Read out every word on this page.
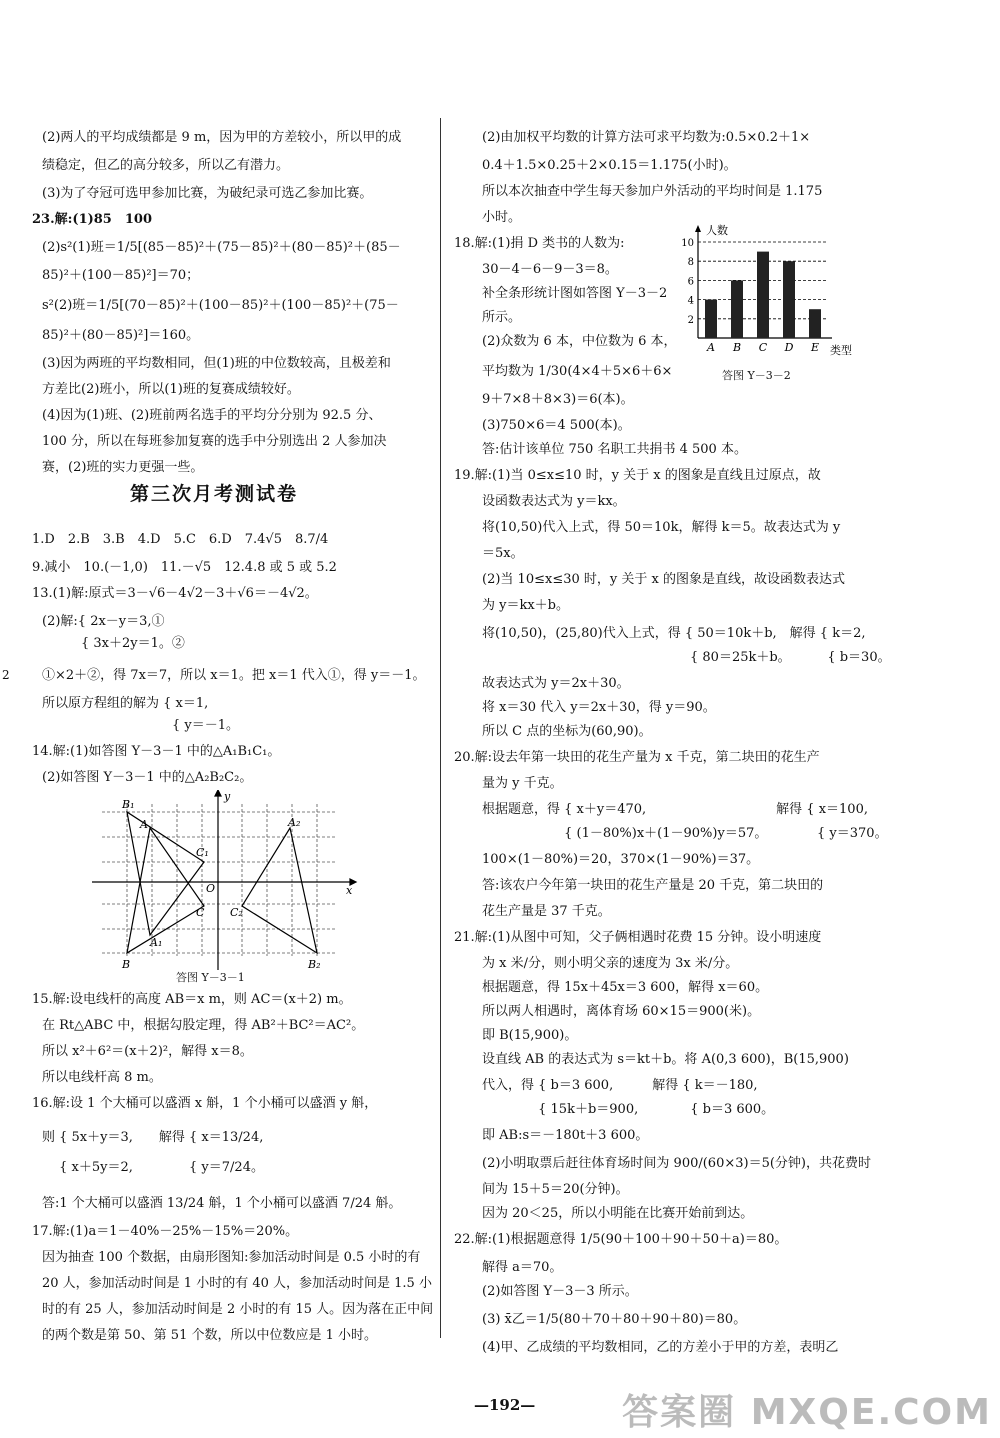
2
(2)两人的平均成绩都是 9 m，因为甲的方差较小，所以甲的成
绩稳定，但乙的高分较多，所以乙有潜力。
(3)为了夺冠可选甲参加比赛，为破纪录可选乙参加比赛。
23.解:(1)85　100
(2)s²(1)班＝1/5[(85－85)²＋(75－85)²＋(80－85)²＋(85－
85)²＋(100－85)²]＝70；
s²(2)班＝1/5[(70－85)²＋(100－85)²＋(100－85)²＋(75－
85)²＋(80－85)²]＝160。
(3)因为两班的平均数相同，但(1)班的中位数较高，且极差和
方差比(2)班小，所以(1)班的复赛成绩较好。
(4)因为(1)班、(2)班前两名选手的平均分分别为 92.5 分、
100 分，所以在每班参加复赛的选手中分别选出 2 人参加决
赛，(2)班的实力更强一些。
1.D　2.B　3.B　4.D　5.C　6.D　7.4√5　8.7/4
9.减小　10.(－1,0)　11.－√5　12.4.8 或 5 或 5.2
13.(1)解:原式＝3－√6－4√2－3＋√6＝－4√2。
(2)解:{ 2x－y＝3,①
　　　{ 3x＋2y＝1。②
①×2＋②，得 7x＝7，所以 x＝1。把 x＝1 代入①，得 y＝－1。
所以原方程组的解为 { x＝1,
　　　　　　　　　　{ y＝－1。
14.解:(1)如答图 Y－3－1 中的△A₁B₁C₁。
(2)如答图 Y－3－1 中的△A₂B₂C₂。
15.解:设电线杆的高度 AB＝x m，则 AC＝(x＋2) m。
在 Rt△ABC 中，根据勾股定理，得 AB²＋BC²＝AC²。
所以 x²＋6²＝(x＋2)²，解得 x＝8。
所以电线杆高 8 m。
16.解:设 1 个大桶可以盛酒 x 斛，1 个小桶可以盛酒 y 斛，
则 { 5x＋y＝3,　　解得 { x＝13/24,
　 { x＋5y＝2,　　　　 { y＝7/24。
答:1 个大桶可以盛酒 13/24 斛，1 个小桶可以盛酒 7/24 斛。
17.解:(1)a＝1－40%－25%－15%＝20%。
因为抽查 100 个数据，由扇形图知:参加活动时间是 0.5 小时的有
20 人，参加活动时间是 1 小时的有 40 人，参加活动时间是 1.5 小
时的有 25 人，参加活动时间是 2 小时的有 15 人。因为落在正中间
的两个数是第 50、第 51 个数，所以中位数应是 1 小时。
(2)由加权平均数的计算方法可求平均数为:0.5×0.2＋1×
0.4＋1.5×0.25＋2×0.15＝1.175(小时)。
所以本次抽查中学生每天参加户外活动的平均时间是 1.175
小时。
18.解:(1)捐 D 类书的人数为:
30－4－6－9－3＝8。
补全条形统计图如答图 Y－3－2
所示。
(2)众数为 6 本，中位数为 6 本，
平均数为 1/30(4×4＋5×6＋6×
9＋7×8＋8×3)＝6(本)。
(3)750×6＝4 500(本)。
答:估计该单位 750 名职工共捐书 4 500 本。
19.解:(1)当 0≤x≤10 时，y 关于 x 的图象是直线且过原点，故
设函数表达式为 y＝kx。
将(10,50)代入上式，得 50＝10k，解得 k＝5。故表达式为 y
＝5x。
(2)当 10≤x≤30 时，y 关于 x 的图象是直线，故设函数表达式
为 y＝kx＋b。
将(10,50)，(25,80)代入上式，得 { 50＝10k＋b,　解得 { k＝2,
　　　　　　　　　　　　　　　　{ 80＝25k＋b。　　　 { b＝30。
故表达式为 y＝2x＋30。
将 x＝30 代入 y＝2x＋30，得 y＝90。
所以 C 点的坐标为(60,90)。
20.解:设去年第一块田的花生产量为 x 千克，第二块田的花生产
量为 y 千克。
根据题意，得 { x＋y＝470,　　　　　　　　　　解得 { x＝100,
　　　　　　 { (1－80%)x＋(1－90%)y＝57。　　　　 { y＝370。
100×(1－80%)＝20，370×(1－90%)＝37。
答:该农户今年第一块田的花生产量是 20 千克，第二块田的
花生产量是 37 千克。
21.解:(1)从图中可知，父子俩相遇时花费 15 分钟。设小明速度
为 x 米/分，则小明父亲的速度为 3x 米/分。
根据题意，得 15x＋45x＝3 600，解得 x＝60。
所以两人相遇时，离体育场 60×15＝900(米)。
即 B(15,900)。
设直线 AB 的表达式为 s＝kt＋b。将 A(0,3 600)，B(15,900)
代入，得 { b＝3 600,　　　解得 { k＝－180,
　　　　 { 15k＋b＝900,　　　　{ b＝3 600。
即 AB:s＝－180t＋3 600。
(2)小明取票后赶往体育场时间为 900/(60×3)＝5(分钟)，共花费时
间为 15＋5＝20(分钟)。
因为 20＜25，所以小明能在比赛开始前到达。
22.解:(1)根据题意得 1/5(90＋100＋90＋50＋a)＝80。
解得 a＝70。
(2)如答图 Y－3－3 所示。
(3) x̄乙＝1/5(80＋70＋80＋90＋80)＝80。
(4)甲、乙成绩的平均数相同，乙的方差小于甲的方差，表明乙
第三次月考测试卷
B₁
A	A₂
C₁
O
C C₂
A₁
B	B₂
x
y
答图 Y－3－1
2
4
6
8
10
人数
A B C D E 类型
答图 Y－3－2
—192— 答案圈 MXQE.COM
